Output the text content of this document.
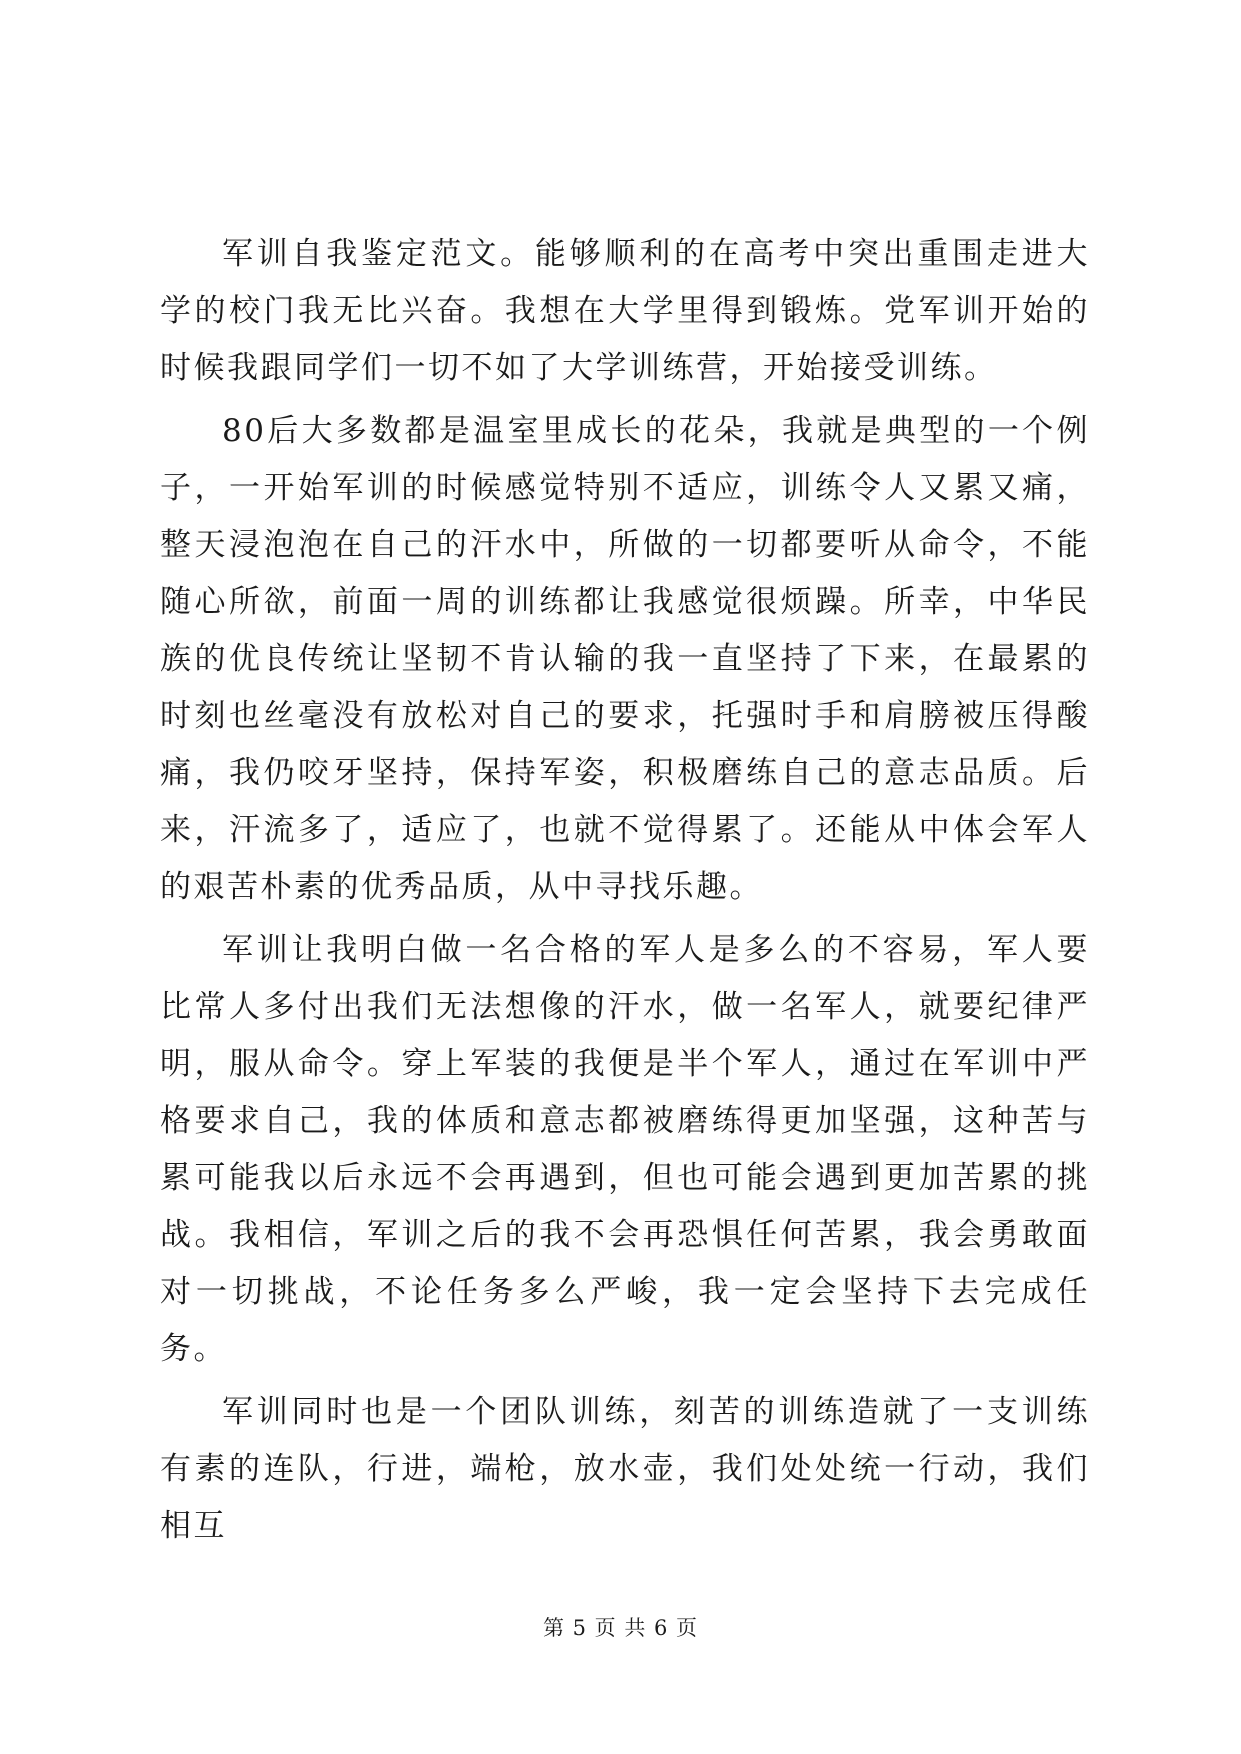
军训自我鉴定范文。能够顺利的在高考中突出重围走进大学的校门我无比兴奋。我想在大学里得到锻炼。党军训开始的时候我跟同学们一切不如了大学训练营，开始接受训练。

80后大多数都是温室里成长的花朵，我就是典型的一个例子，一开始军训的时候感觉特别不适应，训练令人又累又痛，整天浸泡泡在自己的汗水中，所做的一切都要听从命令，不能随心所欲，前面一周的训练都让我感觉很烦躁。所幸，中华民族的优良传统让坚韧不肯认输的我一直坚持了下来，在最累的时刻也丝毫没有放松对自己的要求，托强时手和肩膀被压得酸痛，我仍咬牙坚持，保持军姿，积极磨练自己的意志品质。后来，汗流多了，适应了，也就不觉得累了。还能从中体会军人的艰苦朴素的优秀品质，从中寻找乐趣。

军训让我明白做一名合格的军人是多么的不容易，军人要比常人多付出我们无法想像的汗水，做一名军人，就要纪律严明，服从命令。穿上军装的我便是半个军人，通过在军训中严格要求自己，我的体质和意志都被磨练得更加坚强，这种苦与累可能我以后永远不会再遇到，但也可能会遇到更加苦累的挑战。我相信，军训之后的我不会再恐惧任何苦累，我会勇敢面对一切挑战，不论任务多么严峻，我一定会坚持下去完成任务。

军训同时也是一个团队训练，刻苦的训练造就了一支训练有素的连队，行进，端枪，放水壶，我们处处统一行动，我们相互

第 5 页 共 6 页
